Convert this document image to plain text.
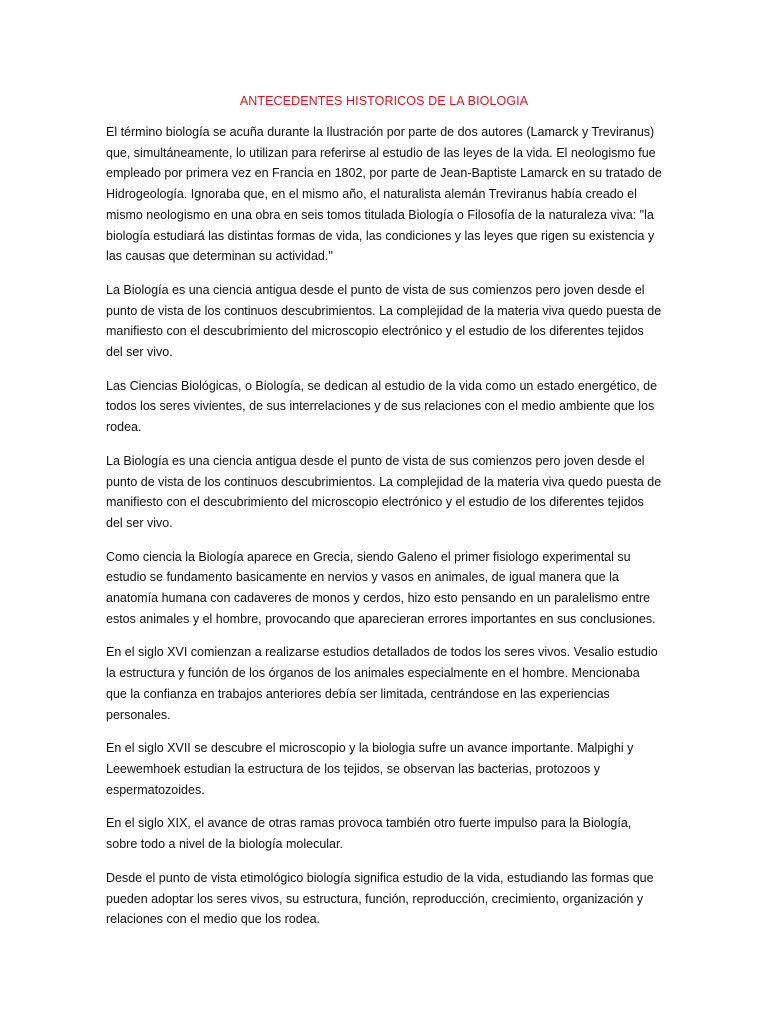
ANTECEDENTES HISTORICOS DE LA BIOLOGIA

El término biología se acuña durante la Ilustración por parte de dos autores (Lamarck y Treviranus) que, simultáneamente, lo utilizan para referirse al estudio de las leyes de la vida. El neologismo fue empleado por primera vez en Francia en 1802, por parte de Jean-Baptiste Lamarck en su tratado de Hidrogeología. Ignoraba que, en el mismo año, el naturalista alemán Treviranus había creado el mismo neologismo en una obra en seis tomos titulada Biología o Filosofía de la naturaleza viva: "la biología estudiará las distintas formas de vida, las condiciones y las leyes que rigen su existencia y las causas que determinan su actividad."

La Biología es una ciencia antigua desde el punto de vista de sus comienzos pero joven desde el punto de vista de los continuos descubrimientos. La complejidad de la materia viva quedo puesta de manifiesto con el descubrimiento del microscopio electrónico y el estudio de los diferentes tejidos del ser vivo.

Las Ciencias Biológicas, o Biología, se dedican al estudio de la vida como un estado energético, de todos los seres vivientes, de sus interrelaciones y de sus relaciones con el medio ambiente que los rodea.

La Biología es una ciencia antigua desde el punto de vista de sus comienzos pero joven desde el punto de vista de los continuos descubrimientos. La complejidad de la materia viva quedo puesta de manifiesto con el descubrimiento del microscopio electrónico y el estudio de los diferentes tejidos del ser vivo.

Como ciencia la Biología aparece en Grecia, siendo Galeno el primer fisiologo experimental su estudio se fundamento basicamente en nervios y vasos en animales, de igual manera que la anatomía humana con cadaveres de monos y cerdos, hizo esto pensando en un paralelismo entre estos animales y el hombre, provocando que aparecieran errores importantes en sus conclusiones.

En el siglo XVI comienzan a realizarse estudios detallados de todos los seres vivos. Vesalio estudio la estructura y función de los órganos de los animales especialmente en el hombre. Mencionaba que la confianza en trabajos anteriores debía ser limitada, centrándose en las experiencias personales.

En el siglo XVII se descubre el microscopio y la biologia sufre un avance importante. Malpighi y Leewemhoek estudian la estructura de los tejidos, se observan las bacterias, protozoos y espermatozoides.

En el siglo XIX, el avance de otras ramas provoca también otro fuerte impulso para la Biología, sobre todo a nivel de la biología molecular.

Desde el punto de vista etimológico biología significa estudio de la vida, estudiando las formas que pueden adoptar los seres vivos, su estructura, función, reproducción, crecimiento, organización y relaciones con el medio que los rodea.
